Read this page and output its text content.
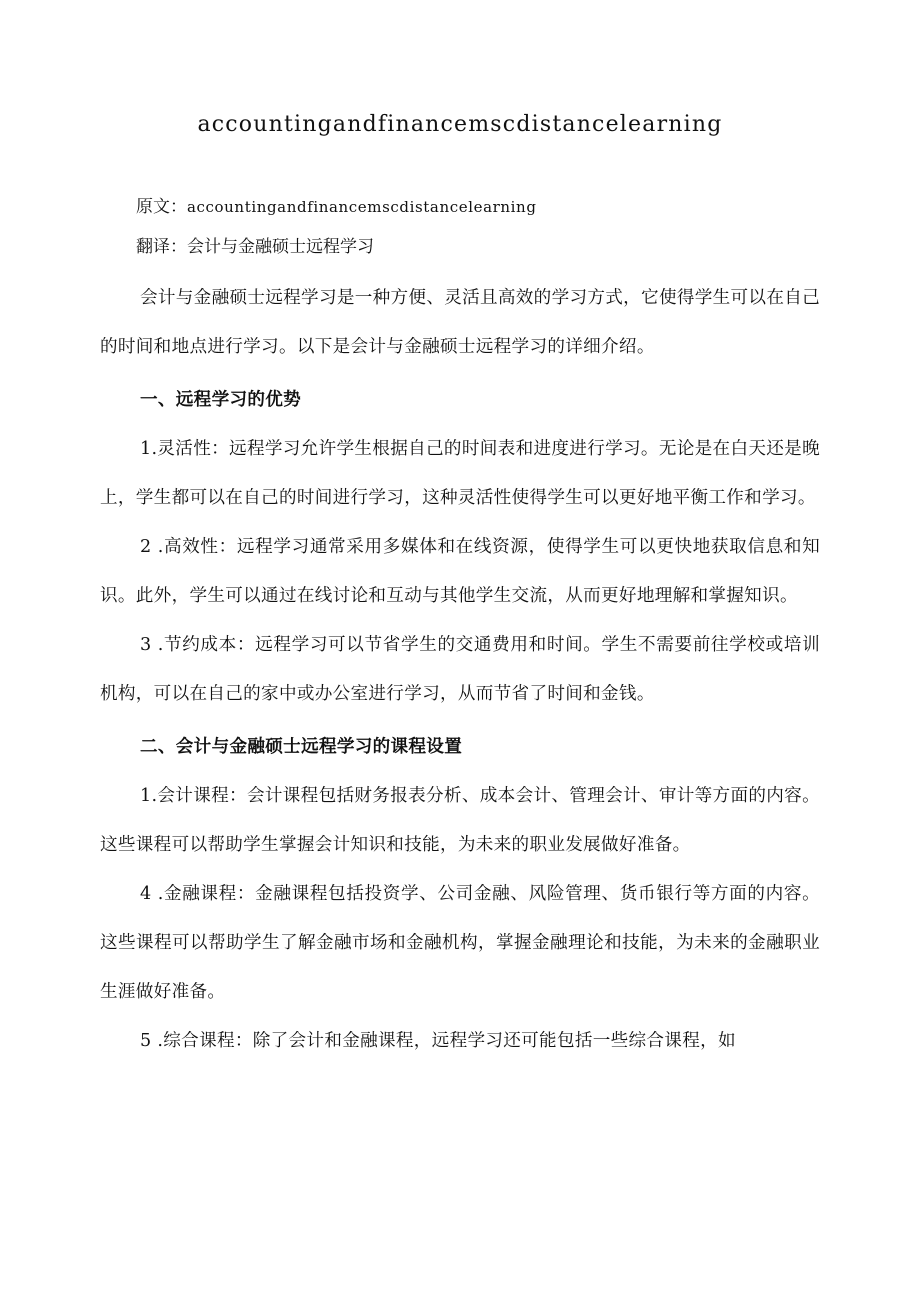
accountingandfinancemscdistancelearning

原文：accountingandfinancemscdistancelearning

翻译：会计与金融硕士远程学习

会计与金融硕士远程学习是一种方便、灵活且高效的学习方式，它使得学生可以在自己的时间和地点进行学习。以下是会计与金融硕士远程学习的详细介绍。

一、远程学习的优势

1.灵活性：远程学习允许学生根据自己的时间表和进度进行学习。无论是在白天还是晚上，学生都可以在自己的时间进行学习，这种灵活性使得学生可以更好地平衡工作和学习。

2 .高效性：远程学习通常采用多媒体和在线资源，使得学生可以更快地获取信息和知识。此外，学生可以通过在线讨论和互动与其他学生交流，从而更好地理解和掌握知识。

3 .节约成本：远程学习可以节省学生的交通费用和时间。学生不需要前往学校或培训机构，可以在自己的家中或办公室进行学习，从而节省了时间和金钱。

二、会计与金融硕士远程学习的课程设置

1.会计课程：会计课程包括财务报表分析、成本会计、管理会计、审计等方面的内容。这些课程可以帮助学生掌握会计知识和技能，为未来的职业发展做好准备。

4 .金融课程：金融课程包括投资学、公司金融、风险管理、货币银行等方面的内容。这些课程可以帮助学生了解金融市场和金融机构，掌握金融理论和技能，为未来的金融职业生涯做好准备。

5 .综合课程：除了会计和金融课程，远程学习还可能包括一些综合课程，如
